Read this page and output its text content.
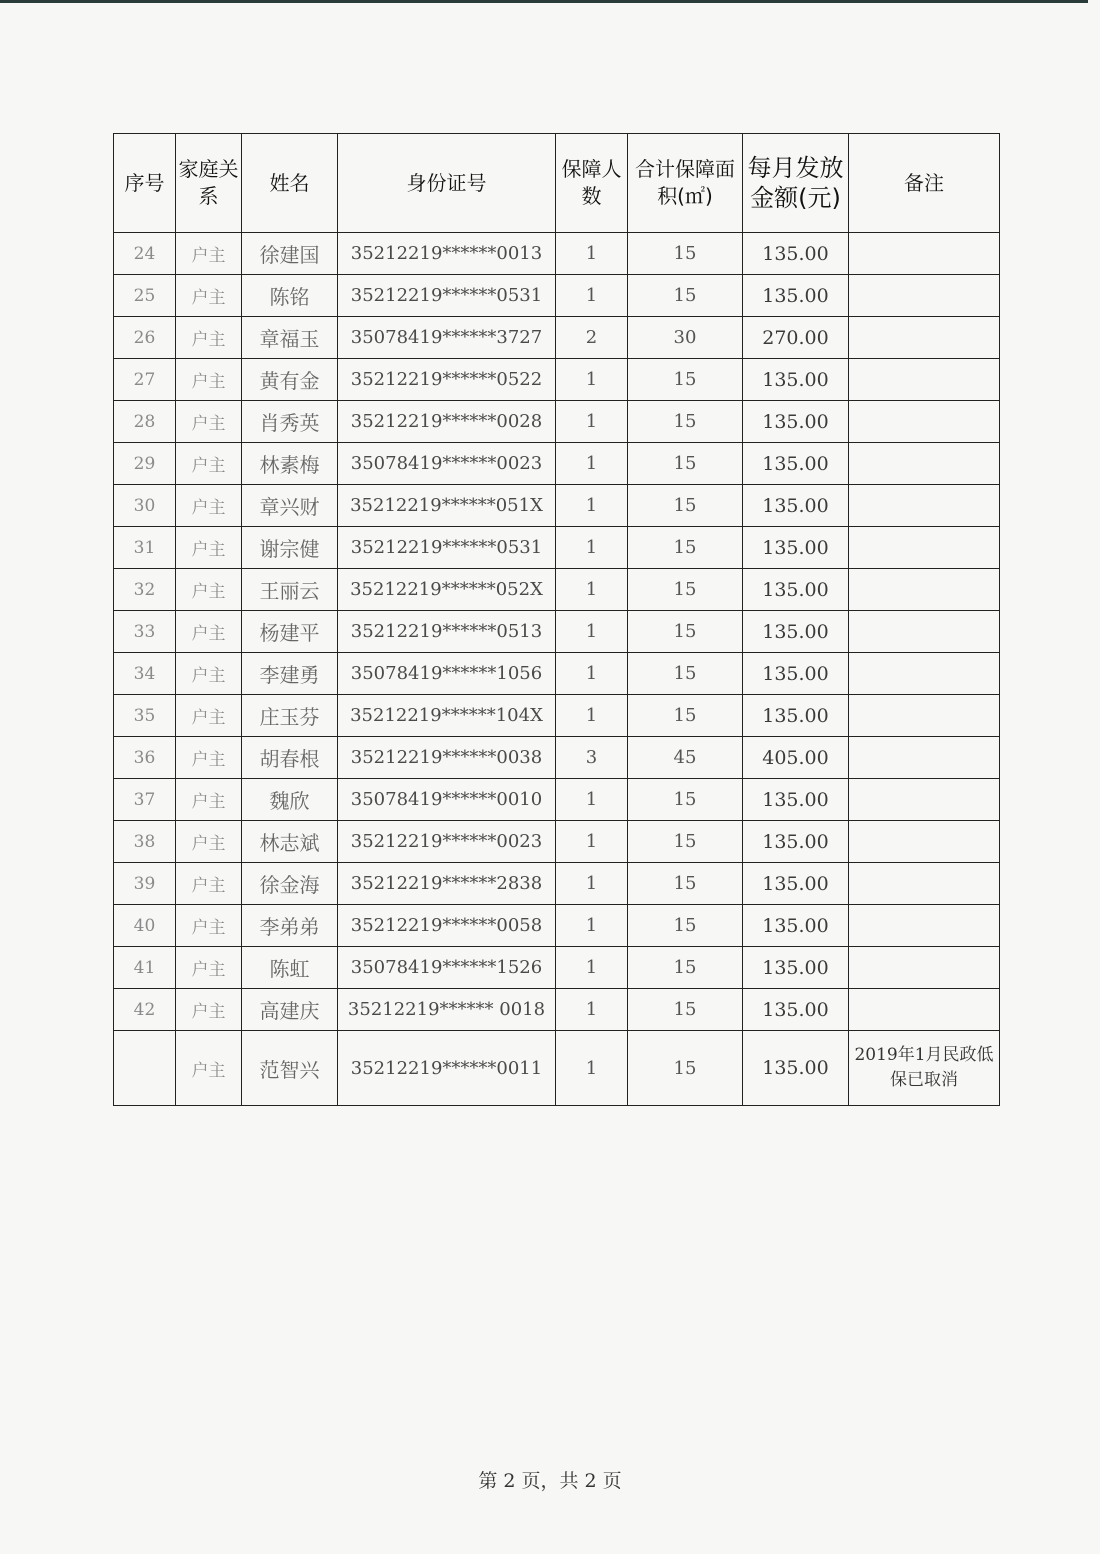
序号	家庭关系	姓名	身份证号	保障人数	合计保障面积(㎡)	每月发放金额(元)	备注
24	户主	徐建国	35212219******0013	1	15	135.00	
25	户主	陈铭	35212219******0531	1	15	135.00	
26	户主	章福玉	35078419******3727	2	30	270.00	
27	户主	黄有金	35212219******0522	1	15	135.00	
28	户主	肖秀英	35212219******0028	1	15	135.00	
29	户主	林素梅	35078419******0023	1	15	135.00	
30	户主	章兴财	35212219******051X	1	15	135.00	
31	户主	谢宗健	35212219******0531	1	15	135.00	
32	户主	王丽云	35212219******052X	1	15	135.00	
33	户主	杨建平	35212219******0513	1	15	135.00	
34	户主	李建勇	35078419******1056	1	15	135.00	
35	户主	庄玉芬	35212219******104X	1	15	135.00	
36	户主	胡春根	35212219******0038	3	45	405.00	
37	户主	魏欣	35078419******0010	1	15	135.00	
38	户主	林志斌	35212219******0023	1	15	135.00	
39	户主	徐金海	35212219******2838	1	15	135.00	
40	户主	李弟弟	35212219******0058	1	15	135.00	
41	户主	陈虹	35078419******1526	1	15	135.00	
42	户主	高建庆	35212219****** 0018	1	15	135.00	
	户主	范智兴	35212219******0011	1	15	135.00	2019年1月民政低保已取消
第 2 页，共 2 页
